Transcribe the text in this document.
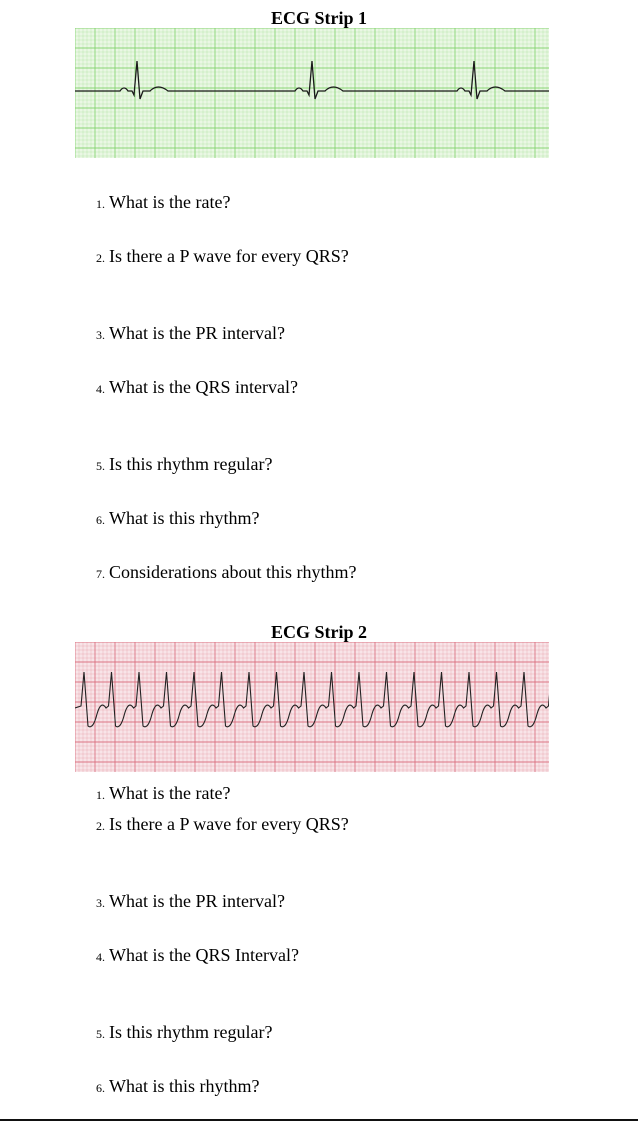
ECG Strip 1
1. What is the rate?
2. Is there a P wave for every QRS?
3. What is the PR interval?
4. What is the QRS interval?
5. Is this rhythm regular?
6. What is this rhythm?
7. Considerations about this rhythm?
ECG Strip 2
1. What is the rate?
2. Is there a P wave for every QRS?
3. What is the PR interval?
4. What is the QRS Interval?
5. Is this rhythm regular?
6. What is this rhythm?
